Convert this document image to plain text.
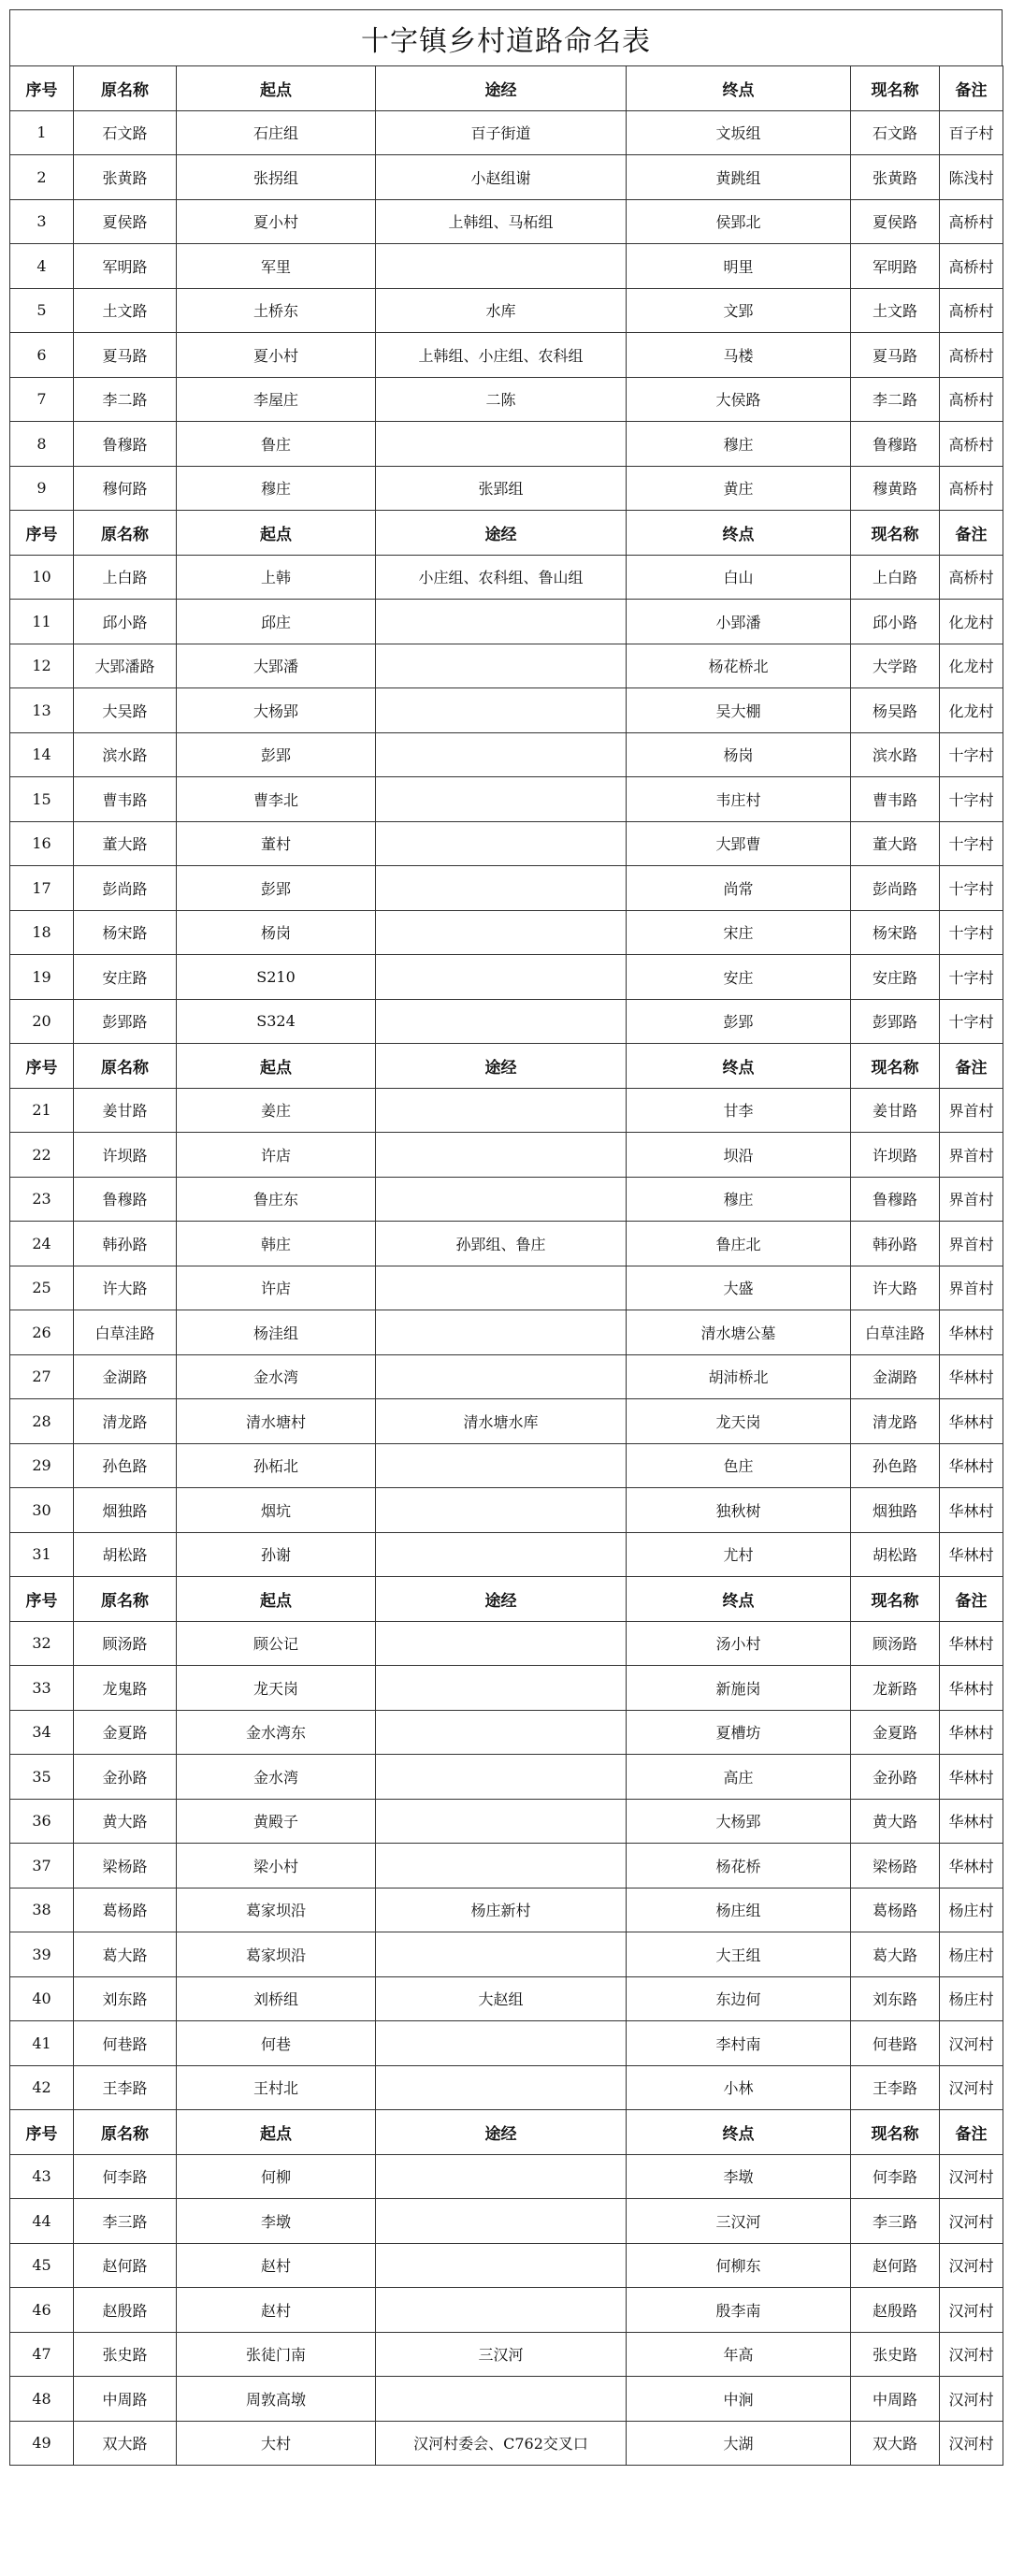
十字镇乡村道路命名表
序号	原名称	起点	途经	终点	现名称	备注
1	石文路	石庄组	百子街道	文坂组	石文路	百子村
2	张黄路	张拐组	小赵组谢	黄跳组	张黄路	陈浅村
3	夏侯路	夏小村	上韩组、马柘组	侯郢北	夏侯路	高桥村
4	军明路	军里		明里	军明路	高桥村
5	土文路	土桥东	水库	文郢	土文路	高桥村
6	夏马路	夏小村	上韩组、小庄组、农科组	马楼	夏马路	高桥村
7	李二路	李屋庄	二陈	大侯路	李二路	高桥村
8	鲁穆路	鲁庄		穆庄	鲁穆路	高桥村
9	穆何路	穆庄	张郢组	黄庄	穆黄路	高桥村
序号	原名称	起点	途经	终点	现名称	备注
10	上白路	上韩	小庄组、农科组、鲁山组	白山	上白路	高桥村
11	邱小路	邱庄		小郢潘	邱小路	化龙村
12	大郢潘路	大郢潘		杨花桥北	大学路	化龙村
13	大吴路	大杨郢		吴大棚	杨吴路	化龙村
14	滨水路	彭郢		杨岗	滨水路	十字村
15	曹韦路	曹李北		韦庄村	曹韦路	十字村
16	董大路	董村		大郢曹	董大路	十字村
17	彭尚路	彭郢		尚常	彭尚路	十字村
18	杨宋路	杨岗		宋庄	杨宋路	十字村
19	安庄路	S210		安庄	安庄路	十字村
20	彭郢路	S324		彭郢	彭郢路	十字村
序号	原名称	起点	途经	终点	现名称	备注
21	姜甘路	姜庄		甘李	姜甘路	界首村
22	许坝路	许店		坝沿	许坝路	界首村
23	鲁穆路	鲁庄东		穆庄	鲁穆路	界首村
24	韩孙路	韩庄	孙郢组、鲁庄	鲁庄北	韩孙路	界首村
25	许大路	许店		大盛	许大路	界首村
26	白草洼路	杨洼组		清水塘公墓	白草洼路	华林村
27	金湖路	金水湾		胡沛桥北	金湖路	华林村
28	清龙路	清水塘村	清水塘水库	龙天岗	清龙路	华林村
29	孙色路	孙柘北		色庄	孙色路	华林村
30	烟独路	烟坑		独秋树	烟独路	华林村
31	胡松路	孙谢		尤村	胡松路	华林村
序号	原名称	起点	途经	终点	现名称	备注
32	顾汤路	顾公记		汤小村	顾汤路	华林村
33	龙鬼路	龙天岗		新施岗	龙新路	华林村
34	金夏路	金水湾东		夏槽坊	金夏路	华林村
35	金孙路	金水湾		高庄	金孙路	华林村
36	黄大路	黄殿子		大杨郢	黄大路	华林村
37	梁杨路	梁小村		杨花桥	梁杨路	华林村
38	葛杨路	葛家坝沿	杨庄新村	杨庄组	葛杨路	杨庄村
39	葛大路	葛家坝沿		大王组	葛大路	杨庄村
40	刘东路	刘桥组	大赵组	东边何	刘东路	杨庄村
41	何巷路	何巷		李村南	何巷路	汉河村
42	王李路	王村北		小林	王李路	汉河村
序号	原名称	起点	途经	终点	现名称	备注
43	何李路	何柳		李墩	何李路	汉河村
44	李三路	李墩		三汉河	李三路	汉河村
45	赵何路	赵村		何柳东	赵何路	汉河村
46	赵殷路	赵村		殷李南	赵殷路	汉河村
47	张史路	张徒门南	三汉河	年高	张史路	汉河村
48	中周路	周敦高墩		中涧	中周路	汉河村
49	双大路	大村	汉河村委会、C762交叉口	大湖	双大路	汉河村
